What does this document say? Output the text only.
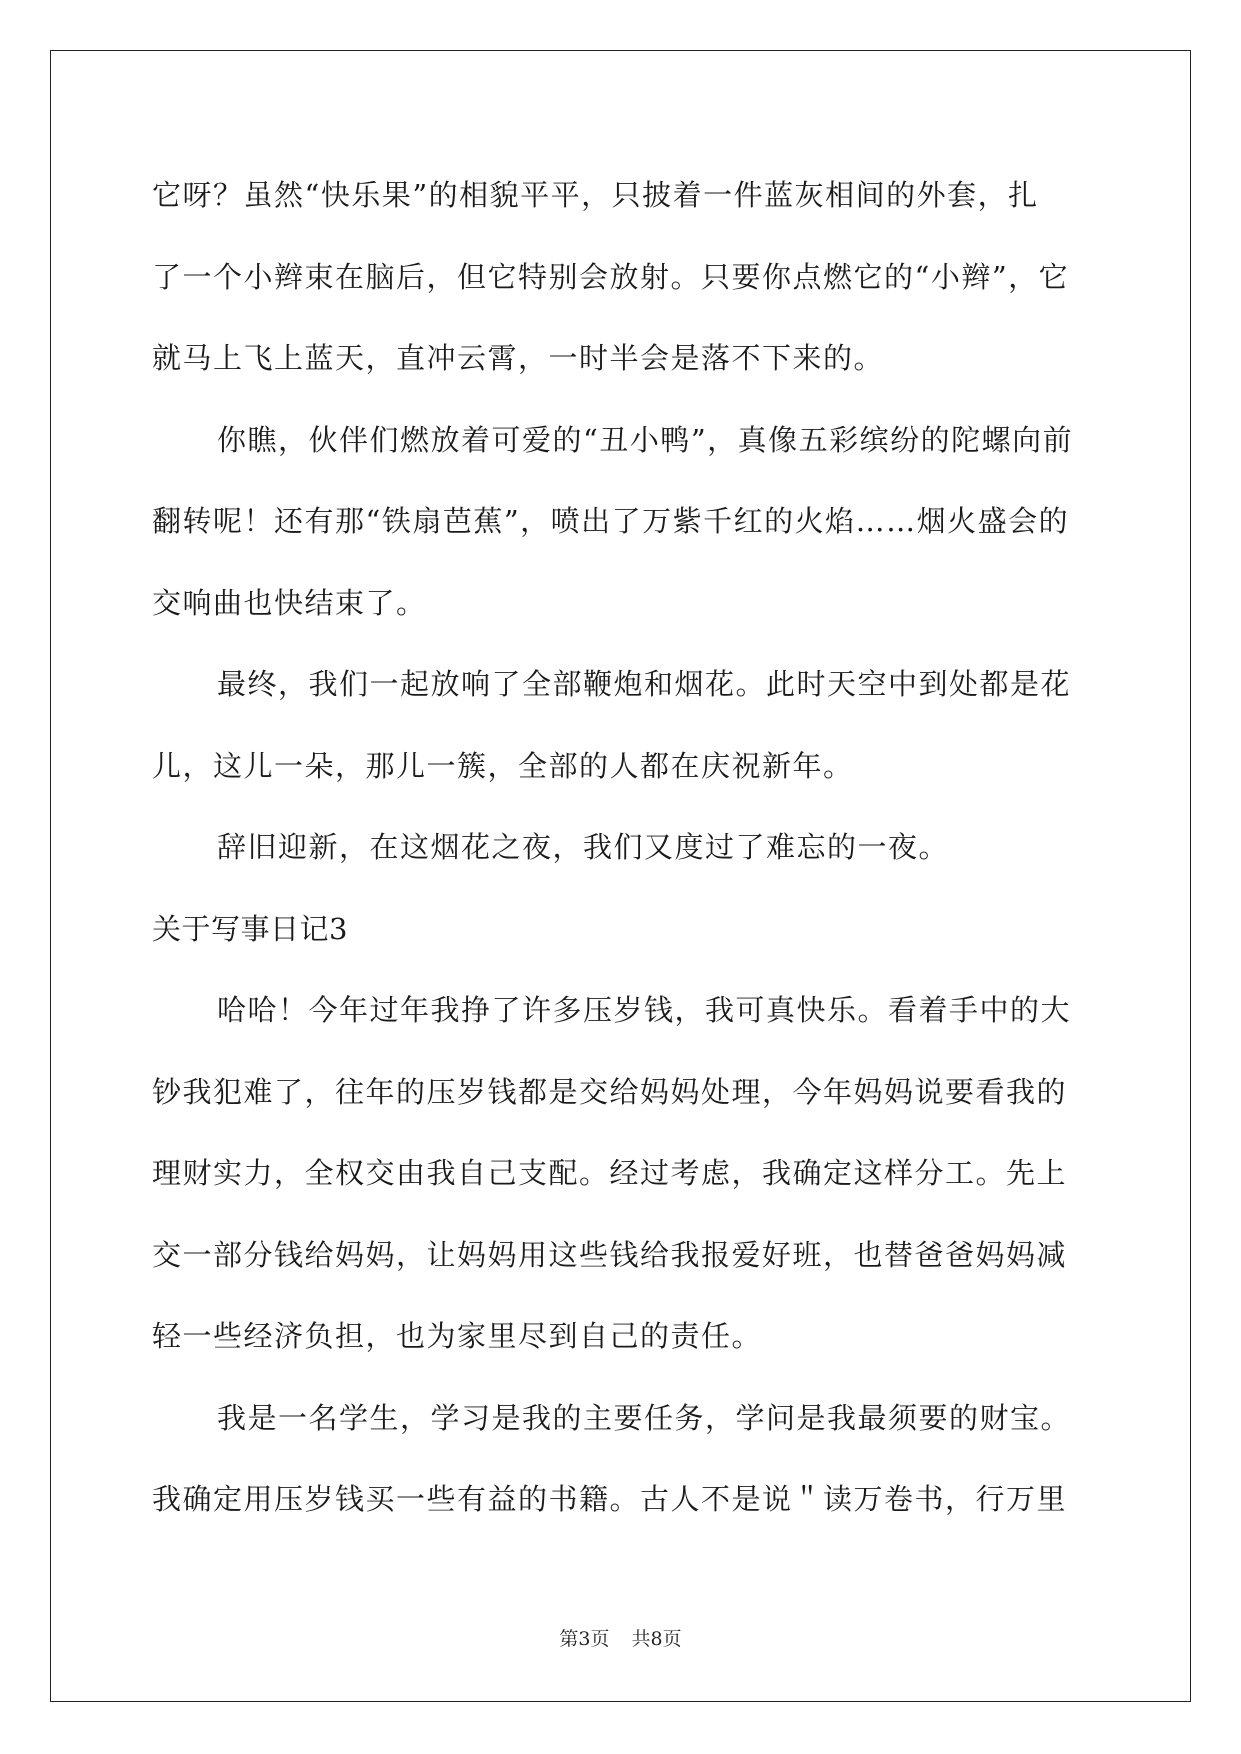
它呀？虽然“快乐果”的相貌平平，只披着一件蓝灰相间的外套，扎
了一个小辫束在脑后，但它特别会放射。只要你点燃它的“小辫”，它
就马上飞上蓝天，直冲云霄，一时半会是落不下来的。
你瞧，伙伴们燃放着可爱的“丑小鸭”，真像五彩缤纷的陀螺向前
翻转呢！还有那“铁扇芭蕉”，喷出了万紫千红的火焰……烟火盛会的
交响曲也快结束了。
最终，我们一起放响了全部鞭炮和烟花。此时天空中到处都是花
儿，这儿一朵，那儿一簇，全部的人都在庆祝新年。
辞旧迎新，在这烟花之夜，我们又度过了难忘的一夜。
关于写事日记3
哈哈！今年过年我挣了许多压岁钱，我可真快乐。看着手中的大
钞我犯难了，往年的压岁钱都是交给妈妈处理，今年妈妈说要看我的
理财实力，全权交由我自己支配。经过考虑，我确定这样分工。先上
交一部分钱给妈妈，让妈妈用这些钱给我报爱好班，也替爸爸妈妈减
轻一些经济负担，也为家里尽到自己的责任。
我是一名学生，学习是我的主要任务，学问是我最须要的财宝。
我确定用压岁钱买一些有益的书籍。古人不是说＂读万卷书，行万里
第3页 共8页
